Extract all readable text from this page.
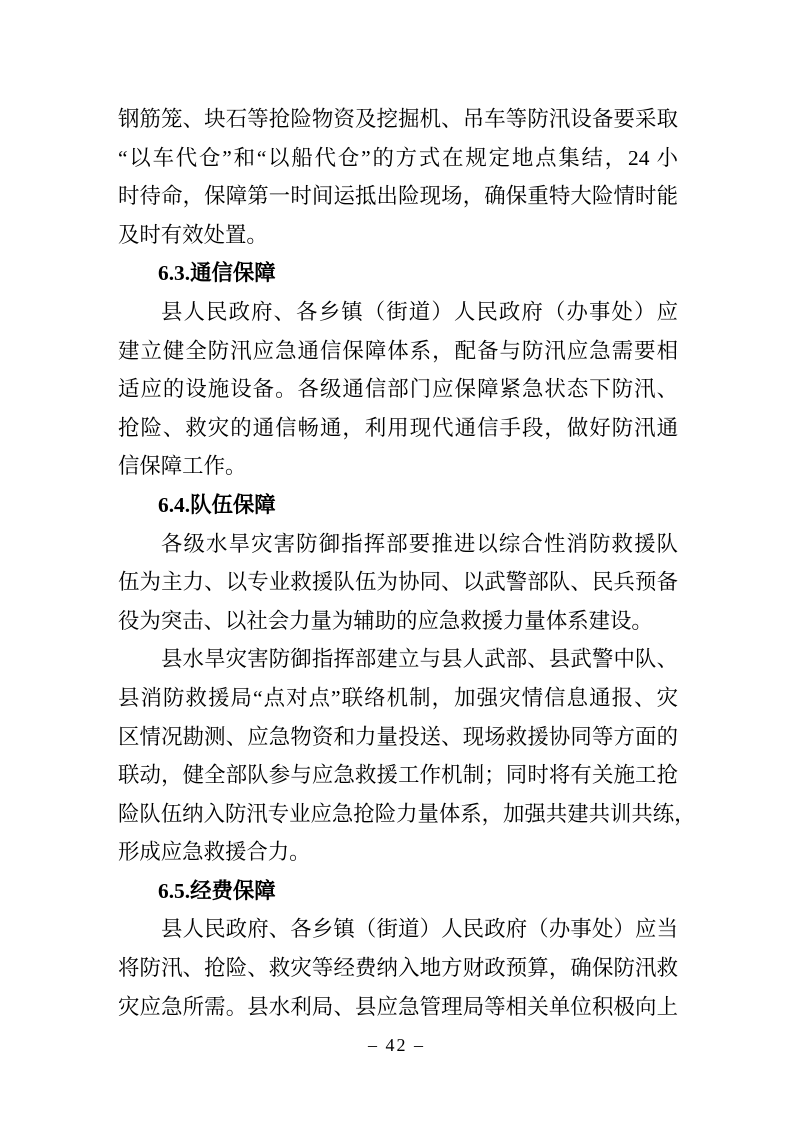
钢筋笼、块石等抢险物资及挖掘机、吊车等防汛设备要采取
“以车代仓”和“以船代仓”的方式在规定地点集结，24 小
时待命，保障第一时间运抵出险现场，确保重特大险情时能
及时有效处置。
6.3.通信保障
县人民政府、各乡镇（街道）人民政府（办事处）应
建立健全防汛应急通信保障体系，配备与防汛应急需要相
适应的设施设备。各级通信部门应保障紧急状态下防汛、
抢险、救灾的通信畅通，利用现代通信手段，做好防汛通
信保障工作。
6.4.队伍保障
各级水旱灾害防御指挥部要推进以综合性消防救援队
伍为主力、以专业救援队伍为协同、以武警部队、民兵预备
役为突击、以社会力量为辅助的应急救援力量体系建设。
县水旱灾害防御指挥部建立与县人武部、县武警中队、
县消防救援局“点对点”联络机制，加强灾情信息通报、灾
区情况勘测、应急物资和力量投送、现场救援协同等方面的
联动，健全部队参与应急救援工作机制；同时将有关施工抢
险队伍纳入防汛专业应急抢险力量体系，加强共建共训共练，
形成应急救援合力。
6.5.经费保障
县人民政府、各乡镇（街道）人民政府（办事处）应当
将防汛、抢险、救灾等经费纳入地方财政预算，确保防汛救
灾应急所需。县水利局、县应急管理局等相关单位积极向上
– 42 –
